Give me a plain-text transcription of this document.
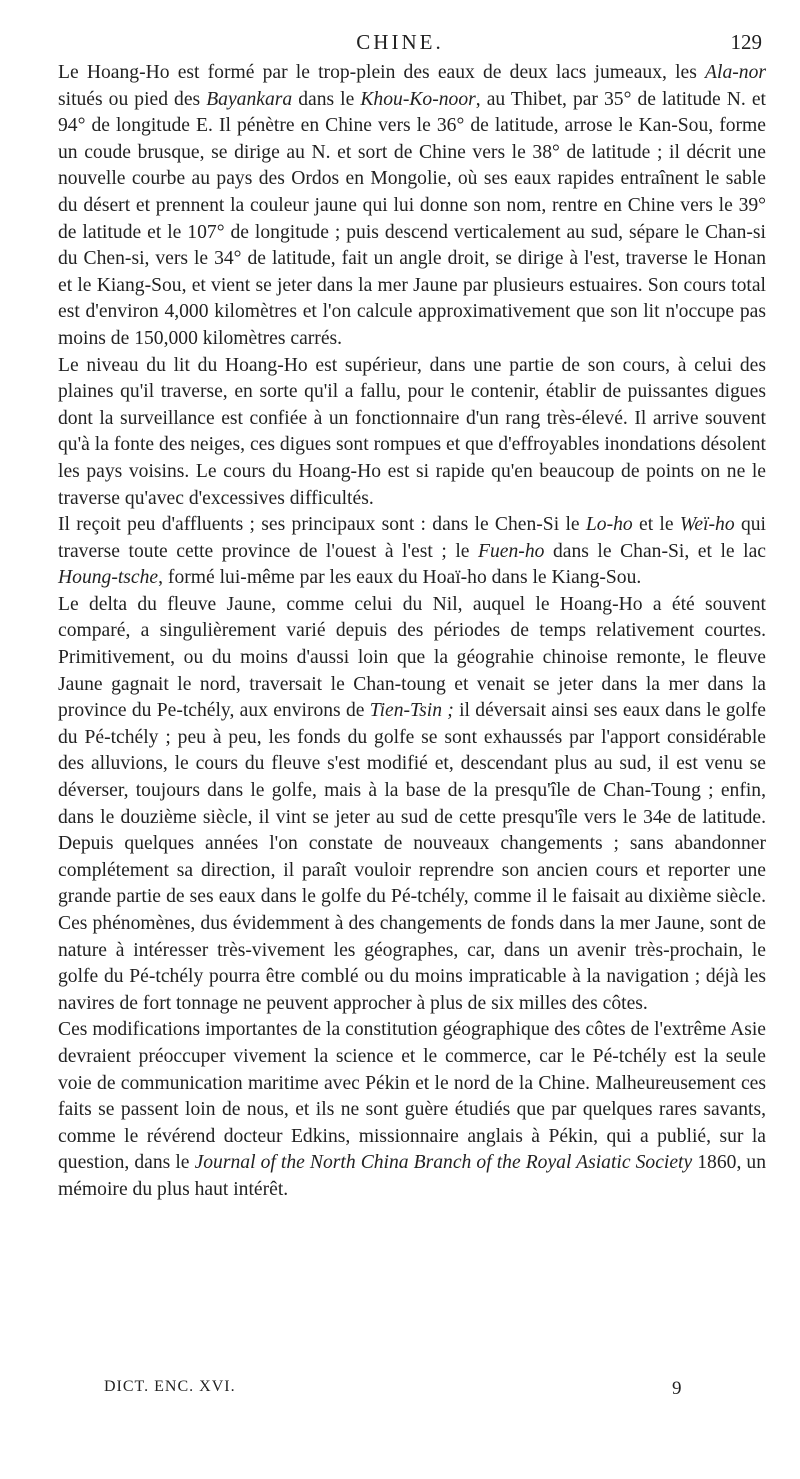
CHINE.	129

Le Hoang-Ho est formé par le trop-plein des eaux de deux lacs jumeaux, les Ala-nor situés ou pied des Bayankara dans le Khou-Ko-noor, au Thibet, par 35° de latitude N. et 94° de longitude E. Il pénètre en Chine vers le 36° de latitude, arrose le Kan-Sou, forme un coude brusque, se dirige au N. et sort de Chine vers le 38° de latitude ; il décrit une nouvelle courbe au pays des Ordos en Mongolie, où ses eaux rapides entraînent le sable du désert et prennent la couleur jaune qui lui donne son nom, rentre en Chine vers le 39° de latitude et le 107° de longitude ; puis descend verticalement au sud, sépare le Chan-si du Chen-si, vers le 34° de latitude, fait un angle droit, se dirige à l'est, traverse le Honan et le Kiang-Sou, et vient se jeter dans la mer Jaune par plusieurs estuaires. Son cours total est d'environ 4,000 kilomètres et l'on calcule approximativement que son lit n'occupe pas moins de 150,000 kilomètres carrés.

Le niveau du lit du Hoang-Ho est supérieur, dans une partie de son cours, à celui des plaines qu'il traverse, en sorte qu'il a fallu, pour le contenir, établir de puissantes digues dont la surveillance est confiée à un fonctionnaire d'un rang très-élevé. Il arrive souvent qu'à la fonte des neiges, ces digues sont rompues et que d'effroyables inondations désolent les pays voisins. Le cours du Hoang-Ho est si rapide qu'en beaucoup de points on ne le traverse qu'avec d'excessives difficultés.

Il reçoit peu d'affluents ; ses principaux sont : dans le Chen-Si le Lo-ho et le Weï-ho qui traverse toute cette province de l'ouest à l'est ; le Fuen-ho dans le Chan-Si, et le lac Houng-tsche, formé lui-même par les eaux du Hoaï-ho dans le Kiang-Sou.

Le delta du fleuve Jaune, comme celui du Nil, auquel le Hoang-Ho a été souvent comparé, a singulièrement varié depuis des périodes de temps relativement courtes. Primitivement, ou du moins d'aussi loin que la géograhie chinoise remonte, le fleuve Jaune gagnait le nord, traversait le Chan-toung et venait se jeter dans la mer dans la province du Pe-tchély, aux environs de Tien-Tsin ; il déversait ainsi ses eaux dans le golfe du Pé-tchély ; peu à peu, les fonds du golfe se sont exhaussés par l'apport considérable des alluvions, le cours du fleuve s'est modifié et, descendant plus au sud, il est venu se déverser, toujours dans le golfe, mais à la base de la presqu'île de Chan-Toung ; enfin, dans le douzième siècle, il vint se jeter au sud de cette presqu'île vers le 34e de latitude. Depuis quelques années l'on constate de nouveaux changements ; sans abandonner complétement sa direction, il paraît vouloir reprendre son ancien cours et reporter une grande partie de ses eaux dans le golfe du Pé-tchély, comme il le faisait au dixième siècle. Ces phénomènes, dus évidemment à des changements de fonds dans la mer Jaune, sont de nature à intéresser très-vivement les géographes, car, dans un avenir très-prochain, le golfe du Pé-tchély pourra être comblé ou du moins impraticable à la navigation ; déjà les navires de fort tonnage ne peuvent approcher à plus de six milles des côtes.

Ces modifications importantes de la constitution géographique des côtes de l'extrême Asie devraient préoccuper vivement la science et le commerce, car le Pé-tchély est la seule voie de communication maritime avec Pékin et le nord de la Chine. Malheureusement ces faits se passent loin de nous, et ils ne sont guère étudiés que par quelques rares savants, comme le révérend docteur Edkins, missionnaire anglais à Pékin, qui a publié, sur la question, dans le Journal of the North China Branch of the Royal Asiatic Society 1860, un mémoire du plus haut intérêt.

DICT. ENC. XVI.	9
